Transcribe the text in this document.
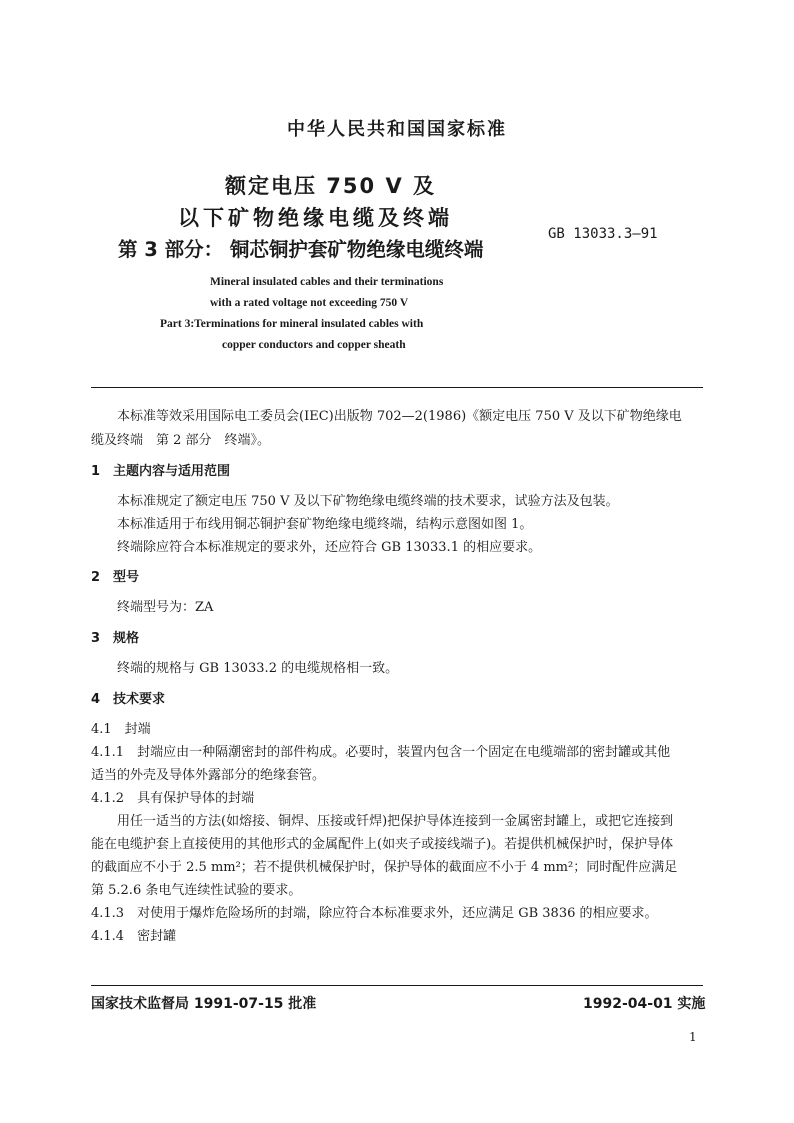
中华人民共和国国家标准
额定电压 750 V 及
以下矿物绝缘电缆及终端
第 3 部分： 铜芯铜护套矿物绝缘电缆终端
GB 13033.3—91
Mineral insulated cables and their terminations
with a rated voltage not exceeding 750 V
Part 3:Terminations for mineral insulated cables with
copper conductors and copper sheath
本标准等效采用国际电工委员会(IEC)出版物 702—2(1986)《额定电压 750 V 及以下矿物绝缘电
缆及终端　第 2 部分　终端》。
1　主题内容与适用范围
本标准规定了额定电压 750 V 及以下矿物绝缘电缆终端的技术要求，试验方法及包装。
本标准适用于布线用铜芯铜护套矿物绝缘电缆终端，结构示意图如图 1。
终端除应符合本标准规定的要求外，还应符合 GB 13033.1 的相应要求。
2　型号
终端型号为：ZA
3　规格
终端的规格与 GB 13033.2 的电缆规格相一致。
4　技术要求
4.1　封端
4.1.1　封端应由一种隔潮密封的部件构成。必要时，装置内包含一个固定在电缆端部的密封罐或其他
适当的外壳及导体外露部分的绝缘套管。
4.1.2　具有保护导体的封端
用任一适当的方法(如熔接、铜焊、压接或钎焊)把保护导体连接到一金属密封罐上，或把它连接到
能在电缆护套上直接使用的其他形式的金属配件上(如夹子或接线端子)。若提供机械保护时，保护导体
的截面应不小于 2.5 mm²；若不提供机械保护时，保护导体的截面应不小于 4 mm²；同时配件应满足
第 5.2.6 条电气连续性试验的要求。
4.1.3　对使用于爆炸危险场所的封端，除应符合本标准要求外，还应满足 GB 3836 的相应要求。
4.1.4　密封罐
国家技术监督局 1991-07-15 批准	1992-04-01 实施
1
